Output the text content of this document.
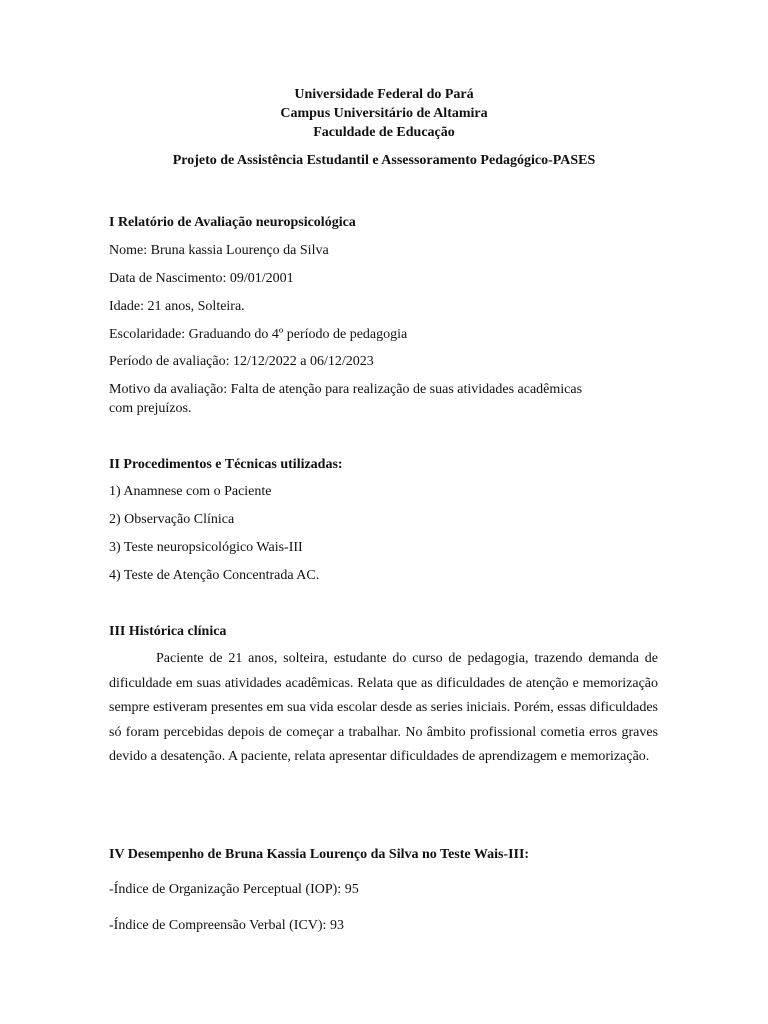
Universidade Federal do Pará
Campus Universitário de Altamira
Faculdade de Educação
Projeto de Assistência Estudantil e Assessoramento Pedagógico-PASES
I Relatório de Avaliação neuropsicológica
Nome: Bruna kassia Lourenço da Silva
Data de Nascimento: 09/01/2001
Idade: 21 anos, Solteira.
Escolaridade: Graduando do 4º período de pedagogia
Período de avaliação: 12/12/2022 a 06/12/2023
Motivo da avaliação: Falta de atenção para realização de suas atividades acadêmicas
com prejuízos.
II Procedimentos e Técnicas utilizadas:
1) Anamnese com o Paciente
2) Observação Clínica
3) Teste neuropsicológico Wais-III
4) Teste de Atenção Concentrada AC.
III Histórica clínica
Paciente de 21 anos, solteira, estudante do curso de pedagogia, trazendo demanda de dificuldade em suas atividades acadêmicas. Relata que as dificuldades de atenção e memorização sempre estiveram presentes em sua vida escolar desde as series iniciais. Porém, essas dificuldades só foram percebidas depois de começar a trabalhar. No âmbito profissional cometia erros graves devido a desatenção. A paciente, relata apresentar dificuldades de aprendizagem e memorização.
IV Desempenho de Bruna Kassia Lourenço da Silva no Teste Wais-III:
-Índice de Organização Perceptual (IOP): 95
-Índice de Compreensão Verbal (ICV): 93
